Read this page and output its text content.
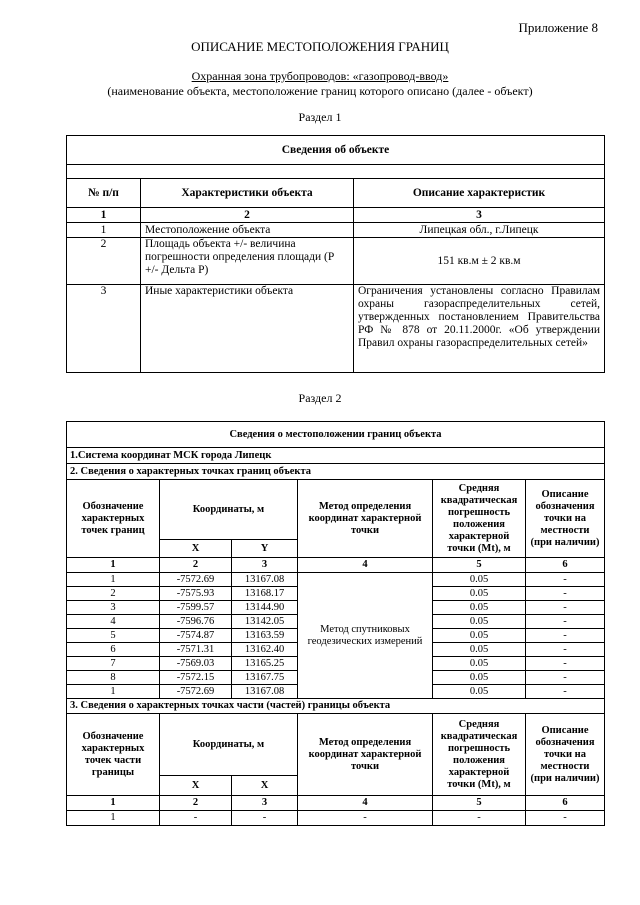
Приложение 8
ОПИСАНИЕ МЕСТОПОЛОЖЕНИЯ ГРАНИЦ
Охранная зона трубопроводов: «газопровод-ввод»
(наименование объекта, местоположение границ которого описано (далее - объект)
Раздел 1
Сведения об объекте		

№ п/п	Характеристики объекта	Описание характеристик
1	2	3
1	Местоположение объекта	Липецкая обл., г.Липецк
2	Площадь объекта +/- величина погрешности определения площади (Р +/- Дельта Р)	151 кв.м ± 2 кв.м
3	Иные характеристики объекта	Ограничения установлены согласно Правилам охраны газораспределительных сетей, утвержденных постановлением Правительства РФ № 878 от 20.11.2000г. «Об утверждении Правил охраны газораспределительных сетей»
Раздел 2
Сведения о местоположении границ объекта					
1.Система координат МСК города Липецк					
2. Сведения о характерных точках границ объекта					
Обозначение характерных точек границ	Координаты, м		Метод определения координат характерной точки	Средняя квадратическая погрешность положения характерной точки (Mt), м	Описание обозначения точки на местности (при наличии)
	X	Y			
1	2	3	4	5	6
1	-7572.69	13167.08	Метод спутниковых геодезических измерений	0.05	-
2	-7575.93	13168.17		0.05	-
3	-7599.57	13144.90		0.05	-
4	-7596.76	13142.05		0.05	-
5	-7574.87	13163.59		0.05	-
6	-7571.31	13162.40		0.05	-
7	-7569.03	13165.25		0.05	-
8	-7572.15	13167.75		0.05	-
1	-7572.69	13167.08		0.05	-
3. Сведения о характерных точках части (частей) границы объекта					
Обозначение характерных точек части границы	Координаты, м		Метод определения координат характерной точки	Средняя квадратическая погрешность положения характерной точки (Mt), м	Описание обозначения точки на местности (при наличии)
	X	X			
1	2	3	4	5	6
1	-	-	-	-	-
